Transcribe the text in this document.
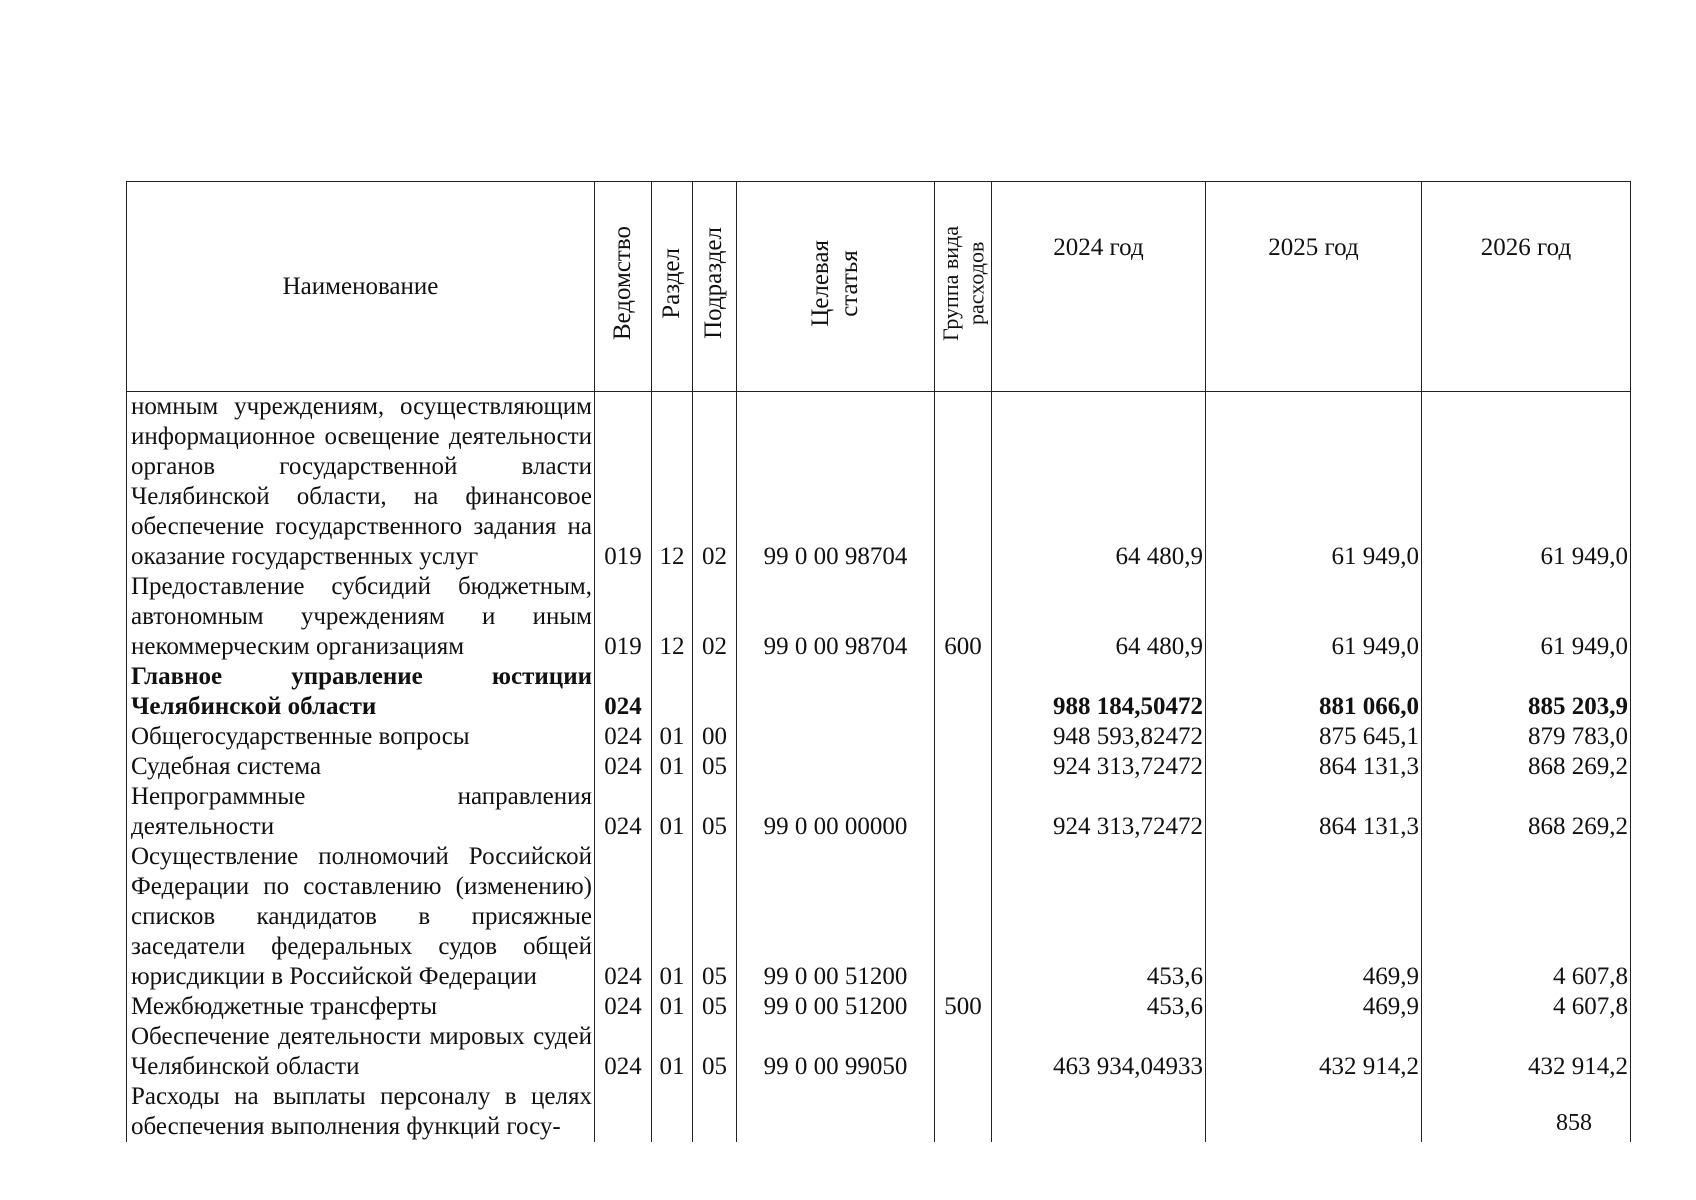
Наименование	Ведомство	Раздел	Подраздел	Целевая
статья	Группа вида
расходов	2024 год	2025 год	2026 год
номным учреждениям, осуществляющим информационное освещение деятельности органов государственной власти Челябинской области, на финансовое обеспечение государственного задания на оказание государственных услуг	019	12	02	99 0 00 98704		64 480,9	61 949,0	61 949,0
Предоставление субсидий бюджетным, автономным учреждениям и иным некоммерческим организациям	019	12	02	99 0 00 98704	600	64 480,9	61 949,0	61 949,0
Главное управление юстиции Челябинской области	024					988 184,50472	881 066,0	885 203,9
Общегосударственные вопросы	024	01	00			948 593,82472	875 645,1	879 783,0
Судебная система	024	01	05			924 313,72472	864 131,3	868 269,2
Непрограммные направления деятельности	024	01	05	99 0 00 00000		924 313,72472	864 131,3	868 269,2
Осуществление полномочий Российской Федерации по составлению (изменению) списков кандидатов в присяжные заседатели федеральных судов общей юрисдикции в Российской Федерации	024	01	05	99 0 00 51200		453,6	469,9	4 607,8
Межбюджетные трансферты	024	01	05	99 0 00 51200	500	453,6	469,9	4 607,8
Обеспечение деятельности мировых судей Челябинской области	024	01	05	99 0 00 99050		463 934,04933	432 914,2	432 914,2
Расходы на выплаты персоналу в целях обеспечения выполнения функций госу-									858
